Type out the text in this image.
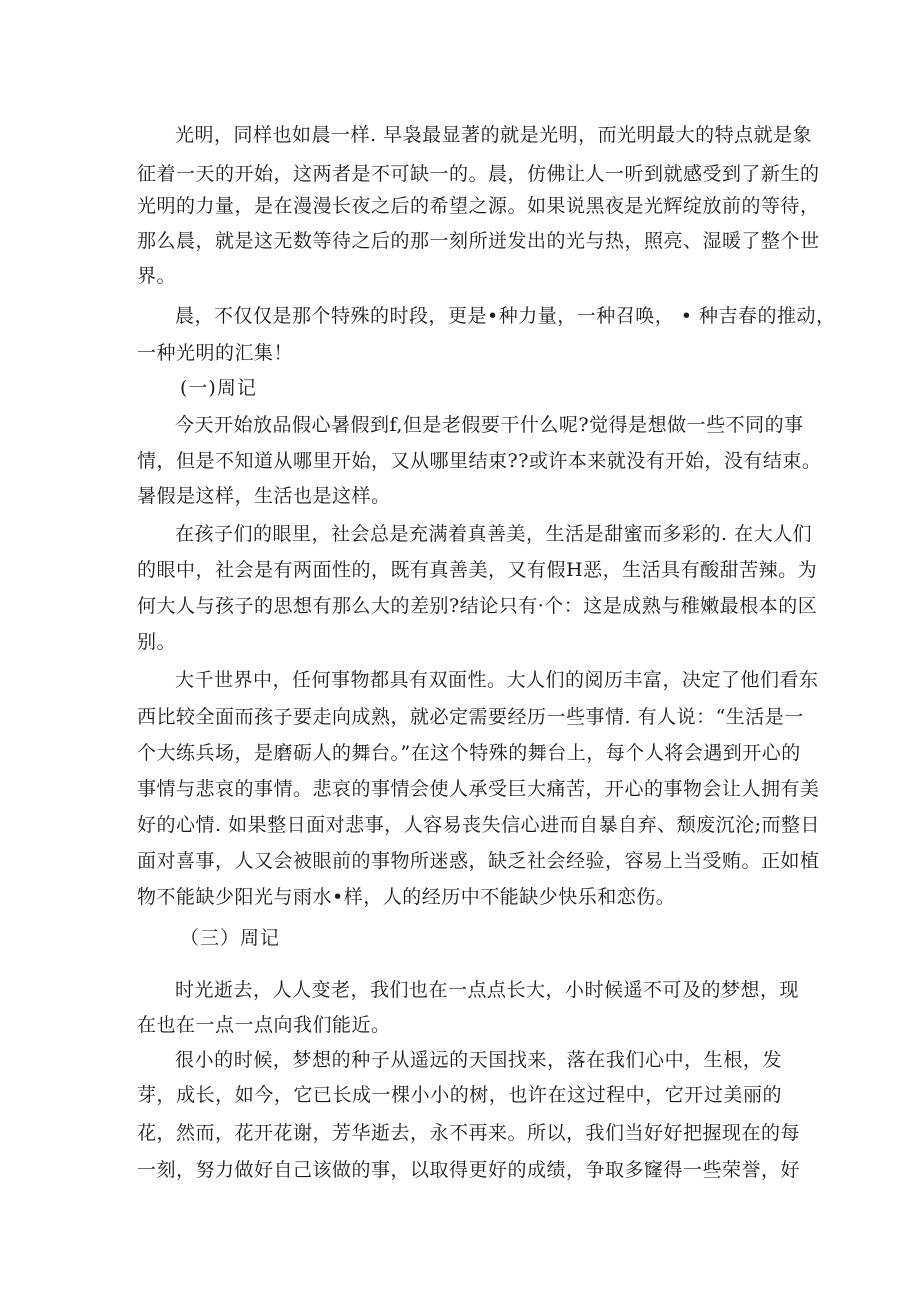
光明，同样也如晨一样. 早袅最显著的就是光明，而光明最大的特点就是象
征着一天的开始，这两者是不可缺一的。晨，仿佛让人一听到就感受到了新生的
光明的力量，是在漫漫长夜之后的希望之源。如果说黑夜是光辉绽放前的等待，
那么晨，就是这无数等待之后的那一刻所迸发出的光与热，照亮、湿暖了整个世
界。
晨，不仅仅是那个特殊的时段，更是•种力量，一种召唤， • 种吉春的推动，
一种光明的汇集！
(一)周记
今天开始放品假心暑假到f,但是老假要干什么呢?觉得是想做一些不同的事
情，但是不知道从哪里开始，又从哪里结束??或许本来就没有开始，没有结束。
暑假是这样，生活也是这样。
在孩子们的眼里，社会总是充满着真善美，生活是甜蜜而多彩的. 在大人们
的眼中，社会是有两面性的，既有真善美，又有假H恶，生活具有酸甜苦辣。为
何大人与孩子的思想有那么大的差别?结论只有·个：这是成熟与稚嫩最根本的区
别。
大千世界中，任何事物都具有双面性。大人们的阅历丰富，决定了他们看东
西比较全面而孩子要走向成熟，就必定需要经历一些事情. 有人说：“生活是一
个大练兵场，是磨砺人的舞台。”在这个特殊的舞台上，每个人将会遇到开心的
事情与悲哀的事情。悲哀的事情会使人承受巨大痛苦，开心的事物会让人拥有美
好的心情. 如果整日面对悲事，人容易丧失信心进而自暴自弃、颓废沉沦;而整日
面对喜事，人又会被眼前的事物所迷惑，缺乏社会经验，容易上当受贿。正如植
物不能缺少阳光与雨水•样，人的经历中不能缺少快乐和恋伤。
（三）周记
时光逝去，人人变老，我们也在一点点长大，小时候遥不可及的梦想，现
在也在一点一点向我们能近。
很小的时候，梦想的种子从遥远的天国找来，落在我们心中，生根，发
芽，成长，如今，它已长成一棵小小的树，也许在这过程中，它开过美丽的
花，然而，花开花谢，芳华逝去，永不再来。所以，我们当好好把握现在的每
一刻，努力做好自己该做的事，以取得更好的成绩，争取多窿得一些荣誉，好
